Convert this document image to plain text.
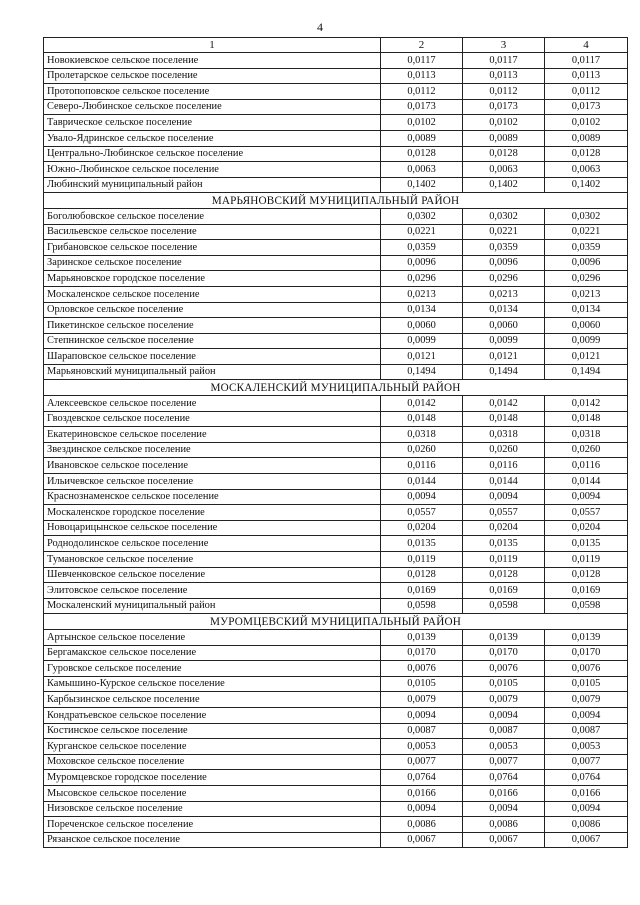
4
1	2	3	4
Новокиевское сельское поселение	0,0117	0,0117	0,0117
Пролетарское сельское поселение	0,0113	0,0113	0,0113
Протопоповское сельское поселение	0,0112	0,0112	0,0112
Северо-Любинское сельское поселение	0,0173	0,0173	0,0173
Таврическое сельское поселение	0,0102	0,0102	0,0102
Увало-Ядринское сельское поселение	0,0089	0,0089	0,0089
Центрально-Любинское сельское поселение	0,0128	0,0128	0,0128
Южно-Любинское сельское поселение	0,0063	0,0063	0,0063
Любинский муниципальный район	0,1402	0,1402	0,1402
МАРЬЯНОВСКИЙ МУНИЦИПАЛЬНЫЙ РАЙОН			
Боголюбовское сельское поселение	0,0302	0,0302	0,0302
Васильевское сельское поселение	0,0221	0,0221	0,0221
Грибановское сельское поселение	0,0359	0,0359	0,0359
Заринское сельское поселение	0,0096	0,0096	0,0096
Марьяновское городское поселение	0,0296	0,0296	0,0296
Москаленское сельское поселение	0,0213	0,0213	0,0213
Орловское сельское поселение	0,0134	0,0134	0,0134
Пикетинское сельское поселение	0,0060	0,0060	0,0060
Степнинское сельское поселение	0,0099	0,0099	0,0099
Шараповское сельское поселение	0,0121	0,0121	0,0121
Марьяновский муниципальный район	0,1494	0,1494	0,1494
МОСКАЛЕНСКИЙ МУНИЦИПАЛЬНЫЙ РАЙОН			
Алексеевское сельское поселение	0,0142	0,0142	0,0142
Гвоздевское сельское поселение	0,0148	0,0148	0,0148
Екатериновское сельское поселение	0,0318	0,0318	0,0318
Звездинское сельское поселение	0,0260	0,0260	0,0260
Ивановское сельское поселение	0,0116	0,0116	0,0116
Ильичевское сельское поселение	0,0144	0,0144	0,0144
Краснознаменское сельское поселение	0,0094	0,0094	0,0094
Москаленское городское поселение	0,0557	0,0557	0,0557
Новоцарицынское сельское поселение	0,0204	0,0204	0,0204
Роднодолинское сельское поселение	0,0135	0,0135	0,0135
Тумановское сельское поселение	0,0119	0,0119	0,0119
Шевченковское сельское поселение	0,0128	0,0128	0,0128
Элитовское сельское поселение	0,0169	0,0169	0,0169
Москаленский муниципальный район	0,0598	0,0598	0,0598
МУРОМЦЕВСКИЙ МУНИЦИПАЛЬНЫЙ РАЙОН			
Артынское сельское поселение	0,0139	0,0139	0,0139
Бергамакское сельское поселение	0,0170	0,0170	0,0170
Гуровское сельское поселение	0,0076	0,0076	0,0076
Камышино-Курское сельское поселение	0,0105	0,0105	0,0105
Карбызинское сельское поселение	0,0079	0,0079	0,0079
Кондратьевское сельское поселение	0,0094	0,0094	0,0094
Костинское сельское поселение	0,0087	0,0087	0,0087
Курганское сельское поселение	0,0053	0,0053	0,0053
Моховское сельское поселение	0,0077	0,0077	0,0077
Муромцевское городское поселение	0,0764	0,0764	0,0764
Мысовское сельское поселение	0,0166	0,0166	0,0166
Низовское сельское поселение	0,0094	0,0094	0,0094
Пореченское сельское поселение	0,0086	0,0086	0,0086
Рязанское сельское поселение	0,0067	0,0067	0,0067
